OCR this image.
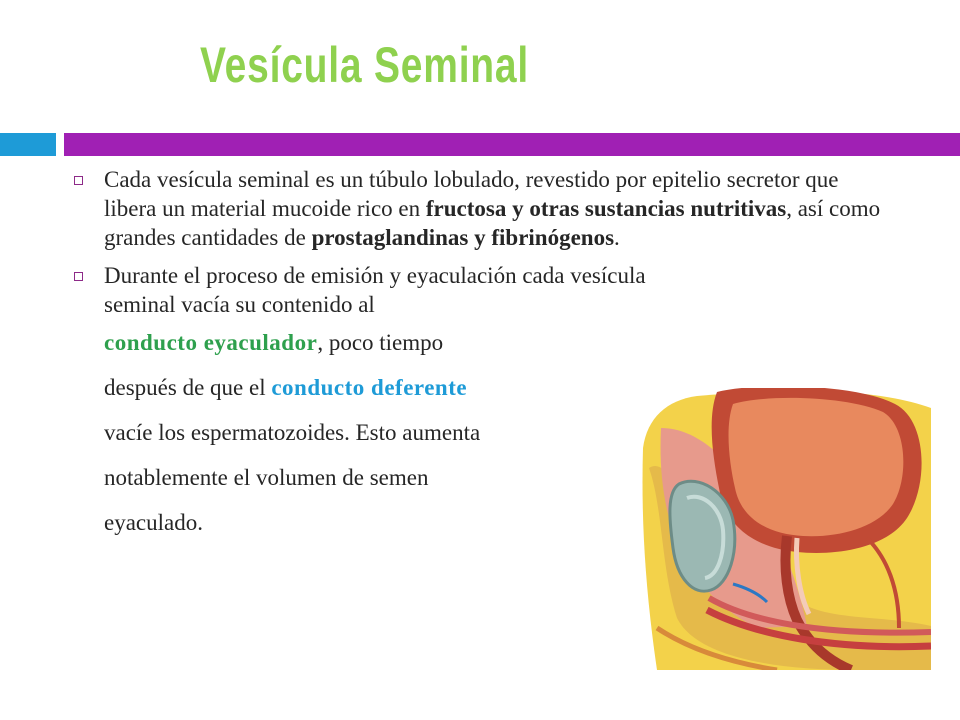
Vesícula Seminal
Cada vesícula seminal es un túbulo lobulado, revestido por epitelio secretor que libera un material mucoide rico en fructosa y otras sustancias nutritivas, así como grandes cantidades de prostaglandinas y fibrinógenos.
Durante el proceso de emisión y eyaculación cada vesícula
seminal vacía su contenido al
conducto eyaculador, poco tiempo
después de que el conducto deferente
vacíe los espermatozoides. Esto aumenta
notablemente el volumen de semen
eyaculado.
